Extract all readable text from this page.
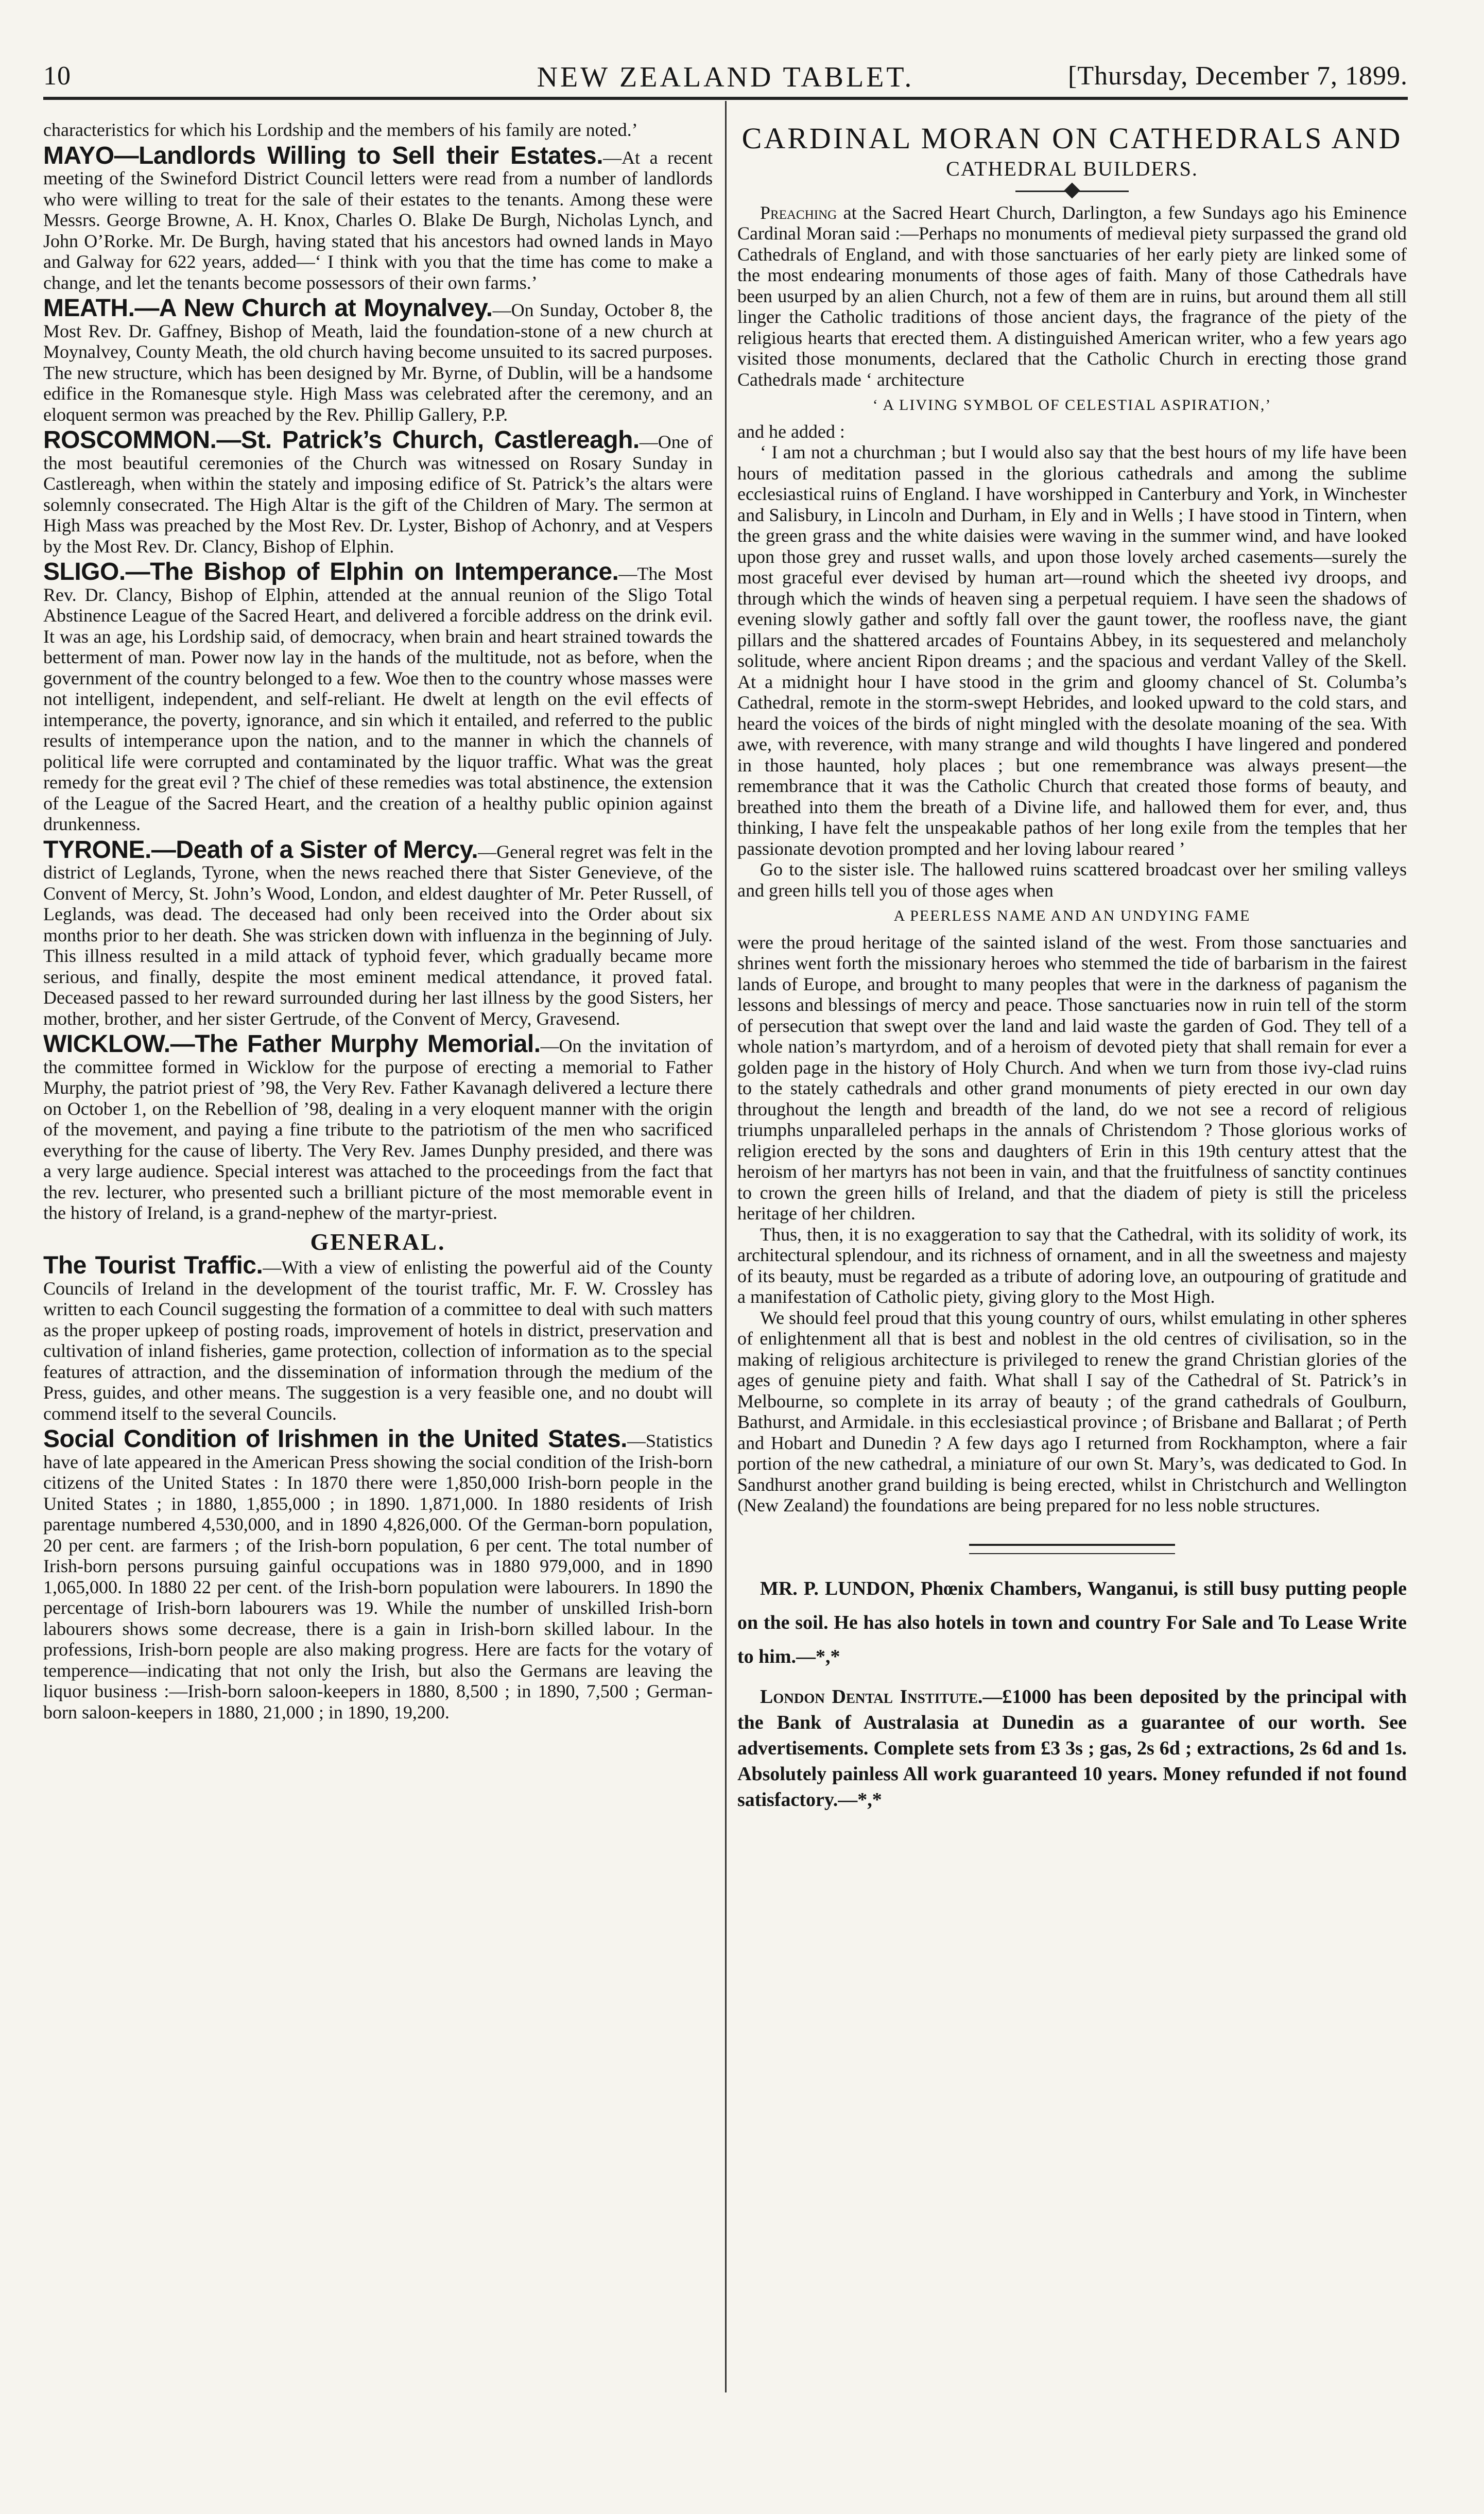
10	NEW ZEALAND TABLET.	[Thursday, December 7, 1899.

characteristics for which his Lordship and the members of his family are noted.’

MAYO—Landlords Willing to Sell their Estates.—At a recent meeting of the Swineford District Council letters were read from a number of landlords who were willing to treat for the sale of their estates to the tenants. Among these were Messrs. George Browne, A. H. Knox, Charles O. Blake De Burgh, Nicholas Lynch, and John O’Rorke. Mr. De Burgh, having stated that his ancestors had owned lands in Mayo and Galway for 622 years, added—‘ I think with you that the time has come to make a change, and let the tenants become possessors of their own farms.’

MEATH.—A New Church at Moynalvey.—On Sunday, October 8, the Most Rev. Dr. Gaffney, Bishop of Meath, laid the foundation-stone of a new church at Moynalvey, County Meath, the old church having become unsuited to its sacred purposes. The new structure, which has been designed by Mr. Byrne, of Dublin, will be a handsome edifice in the Romanesque style. High Mass was celebrated after the ceremony, and an eloquent sermon was preached by the Rev. Phillip Gallery, P.P.

ROSCOMMON.—St. Patrick’s Church, Castlereagh.—One of the most beautiful ceremonies of the Church was witnessed on Rosary Sunday in Castlereagh, when within the stately and imposing edifice of St. Patrick’s the altars were solemnly consecrated. The High Altar is the gift of the Children of Mary. The sermon at High Mass was preached by the Most Rev. Dr. Lyster, Bishop of Achonry, and at Vespers by the Most Rev. Dr. Clancy, Bishop of Elphin.

SLIGO.—The Bishop of Elphin on Intemperance.—The Most Rev. Dr. Clancy, Bishop of Elphin, attended at the annual reunion of the Sligo Total Abstinence League of the Sacred Heart, and delivered a forcible address on the drink evil. It was an age, his Lordship said, of democracy, when brain and heart strained towards the betterment of man. Power now lay in the hands of the multitude, not as before, when the government of the country belonged to a few. Woe then to the country whose masses were not intelligent, independent, and self-reliant. He dwelt at length on the evil effects of intemperance, the poverty, ignorance, and sin which it entailed, and referred to the public results of intemperance upon the nation, and to the manner in which the channels of political life were corrupted and contaminated by the liquor traffic. What was the great remedy for the great evil ? The chief of these remedies was total abstinence, the extension of the League of the Sacred Heart, and the creation of a healthy public opinion against drunkenness.

TYRONE.—Death of a Sister of Mercy.—General regret was felt in the district of Leglands, Tyrone, when the news reached there that Sister Genevieve, of the Convent of Mercy, St. John’s Wood, London, and eldest daughter of Mr. Peter Russell, of Leglands, was dead. The deceased had only been received into the Order about six months prior to her death. She was stricken down with influenza in the beginning of July. This illness resulted in a mild attack of typhoid fever, which gradually became more serious, and finally, despite the most eminent medical attendance, it proved fatal. Deceased passed to her reward surrounded during her last illness by the good Sisters, her mother, brother, and her sister Gertrude, of the Convent of Mercy, Gravesend.

WICKLOW.—The Father Murphy Memorial.—On the invitation of the committee formed in Wicklow for the purpose of erecting a memorial to Father Murphy, the patriot priest of ’98, the Very Rev. Father Kavanagh delivered a lecture there on October 1, on the Rebellion of ’98, dealing in a very eloquent manner with the origin of the movement, and paying a fine tribute to the patriotism of the men who sacrificed everything for the cause of liberty. The Very Rev. James Dunphy presided, and there was a very large audience. Special interest was attached to the proceedings from the fact that the rev. lecturer, who presented such a brilliant picture of the most memorable event in the history of Ireland, is a grand-nephew of the martyr-priest.

GENERAL.

The Tourist Traffic.—With a view of enlisting the powerful aid of the County Councils of Ireland in the development of the tourist traffic, Mr. F. W. Crossley has written to each Council suggesting the formation of a committee to deal with such matters as the proper upkeep of posting roads, improvement of hotels in district, preservation and cultivation of inland fisheries, game protection, collection of information as to the special features of attraction, and the dissemination of information through the medium of the Press, guides, and other means. The suggestion is a very feasible one, and no doubt will commend itself to the several Councils.

Social Condition of Irishmen in the United States.—Statistics have of late appeared in the American Press showing the social condition of the Irish-born citizens of the United States : In 1870 there were 1,850,000 Irish-born people in the United States ; in 1880, 1,855,000 ; in 1890. 1,871,000. In 1880 residents of Irish parentage numbered 4,530,000, and in 1890 4,826,000. Of the German-born population, 20 per cent. are farmers ; of the Irish-born population, 6 per cent. The total number of Irish-born persons pursuing gainful occupations was in 1880 979,000, and in 1890 1,065,000. In 1880 22 per cent. of the Irish-born population were labourers. In 1890 the percentage of Irish-born labourers was 19. While the number of unskilled Irish-born labourers shows some decrease, there is a gain in Irish-born skilled labour. In the professions, Irish-born people are also making progress. Here are facts for the votary of temperence—indicating that not only the Irish, but also the Germans are leaving the liquor business :—Irish-born saloon-keepers in 1880, 8,500 ; in 1890, 7,500 ; German-born saloon-keepers in 1880, 21,000 ; in 1890, 19,200.

CARDINAL MORAN ON CATHEDRALS AND
CATHEDRAL BUILDERS.

Preaching at the Sacred Heart Church, Darlington, a few Sundays ago his Eminence Cardinal Moran said :—Perhaps no monuments of medieval piety surpassed the grand old Cathedrals of England, and with those sanctuaries of her early piety are linked some of the most endearing monuments of those ages of faith. Many of those Cathedrals have been usurped by an alien Church, not a few of them are in ruins, but around them all still linger the Catholic traditions of those ancient days, the fragrance of the piety of the religious hearts that erected them. A distinguished American writer, who a few years ago visited those monuments, declared that the Catholic Church in erecting those grand Cathedrals made ‘ architecture

‘ A LIVING SYMBOL OF CELESTIAL ASPIRATION,’

and he added :

‘ I am not a churchman ; but I would also say that the best hours of my life have been hours of meditation passed in the glorious cathedrals and among the sublime ecclesiastical ruins of England. I have worshipped in Canterbury and York, in Winchester and Salisbury, in Lincoln and Durham, in Ely and in Wells ; I have stood in Tintern, when the green grass and the white daisies were waving in the summer wind, and have looked upon those grey and russet walls, and upon those lovely arched casements—surely the most graceful ever devised by human art—round which the sheeted ivy droops, and through which the winds of heaven sing a perpetual requiem. I have seen the shadows of evening slowly gather and softly fall over the gaunt tower, the roofless nave, the giant pillars and the shattered arcades of Fountains Abbey, in its sequestered and melancholy solitude, where ancient Ripon dreams ; and the spacious and verdant Valley of the Skell. At a midnight hour I have stood in the grim and gloomy chancel of St. Columba’s Cathedral, remote in the storm-swept Hebrides, and looked upward to the cold stars, and heard the voices of the birds of night mingled with the desolate moaning of the sea. With awe, with reverence, with many strange and wild thoughts I have lingered and pondered in those haunted, holy places ; but one remembrance was always present—the remembrance that it was the Catholic Church that created those forms of beauty, and breathed into them the breath of a Divine life, and hallowed them for ever, and, thus thinking, I have felt the unspeakable pathos of her long exile from the temples that her passionate devotion prompted and her loving labour reared ’

Go to the sister isle. The hallowed ruins scattered broadcast over her smiling valleys and green hills tell you of those ages when

A PEERLESS NAME AND AN UNDYING FAME

were the proud heritage of the sainted island of the west. From those sanctuaries and shrines went forth the missionary heroes who stemmed the tide of barbarism in the fairest lands of Europe, and brought to many peoples that were in the darkness of paganism the lessons and blessings of mercy and peace. Those sanctuaries now in ruin tell of the storm of persecution that swept over the land and laid waste the garden of God. They tell of a whole nation’s martyrdom, and of a heroism of devoted piety that shall remain for ever a golden page in the history of Holy Church. And when we turn from those ivy-clad ruins to the stately cathedrals and other grand monuments of piety erected in our own day throughout the length and breadth of the land, do we not see a record of religious triumphs unparalleled perhaps in the annals of Christendom ? Those glorious works of religion erected by the sons and daughters of Erin in this 19th century attest that the heroism of her martyrs has not been in vain, and that the fruitfulness of sanctity continues to crown the green hills of Ireland, and that the diadem of piety is still the priceless heritage of her children.

Thus, then, it is no exaggeration to say that the Cathedral, with its solidity of work, its architectural splendour, and its richness of ornament, and in all the sweetness and majesty of its beauty, must be regarded as a tribute of adoring love, an outpouring of gratitude and a manifestation of Catholic piety, giving glory to the Most High.

We should feel proud that this young country of ours, whilst emulating in other spheres of enlightenment all that is best and noblest in the old centres of civilisation, so in the making of religious architecture is privileged to renew the grand Christian glories of the ages of genuine piety and faith. What shall I say of the Cathedral of St. Patrick’s in Melbourne, so complete in its array of beauty ; of the grand cathedrals of Goulburn, Bathurst, and Armidale. in this ecclesiastical province ; of Brisbane and Ballarat ; of Perth and Hobart and Dunedin ? A few days ago I returned from Rockhampton, where a fair portion of the new cathedral, a miniature of our own St. Mary’s, was dedicated to God. In Sandhurst another grand building is being erected, whilst in Christchurch and Wellington (New Zealand) the foundations are being prepared for no less noble structures.

MR. P. LUNDON, Phœnix Chambers, Wanganui, is still busy putting people on the soil. He has also hotels in town and country For Sale and To Lease Write to him.—*,*

London Dental Institute.—£1000 has been deposited by the principal with the Bank of Australasia at Dunedin as a guarantee of our worth. See advertisements. Complete sets from £3 3s ; gas, 2s 6d ; extractions, 2s 6d and 1s. Absolutely painless All work guaranteed 10 years. Money refunded if not found satisfactory.—*,*
